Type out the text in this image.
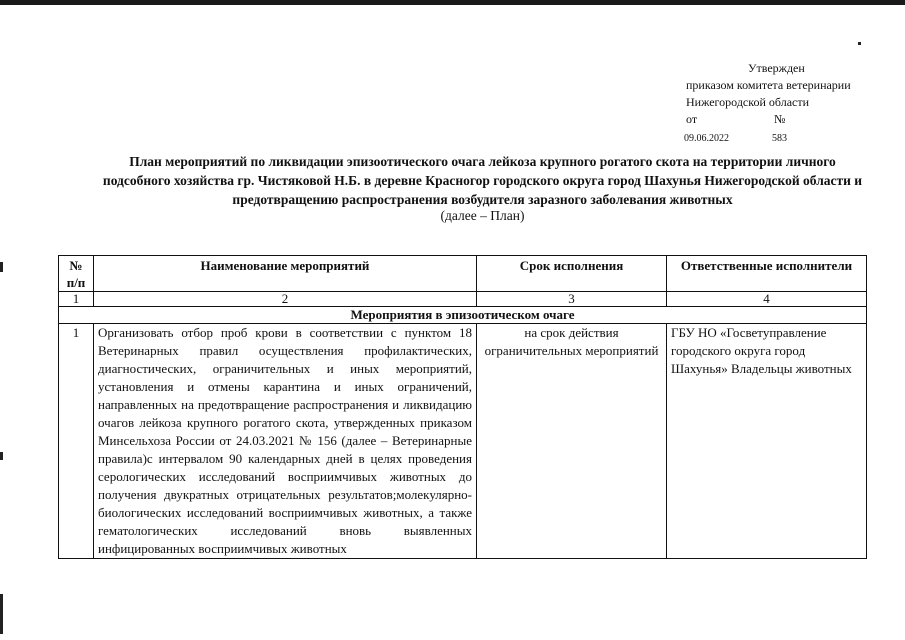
Утвержден
приказом комитета ветеринарии
Нижегородской области
от	№
09.06.2022	583
План мероприятий по ликвидации эпизоотического очага лейкоза крупного рогатого скота на территории личного подсобного хозяйства гр. Чистяковой Н.Б. в деревне Красногор городского округа город Шахунья Нижегородской области и предотвращению распространения возбудителя заразного заболевания животных
(далее – План)
№ п/п	Наименование мероприятий	Срок исполнения	Ответственные исполнители
1	2	3	4
Мероприятия в эпизоотическом очаге			
1	Организовать отбор проб крови в соответствии с пунктом 18 Ветеринарных правил осуществления профилактических, диагностических, ограничительных и иных мероприятий, установления и отмены карантина и иных ограничений, направленных на предотвращение распространения и ликвидацию очагов лейкоза крупного рогатого скота, утвержденных приказом Минсельхоза России от 24.03.2021 № 156 (далее – Ветеринарные правила)с интервалом 90 календарных дней в целях проведения серологических исследований восприимчивых животных до получения двукратных отрицательных результатов;молекулярно-биологических исследований восприимчивых животных, а также гематологических исследований вновь выявленных инфицированных восприимчивых животных	на срок действия ограничительных мероприятий	ГБУ НО «Госветуправление городского округа город Шахунья» Владельцы животных
